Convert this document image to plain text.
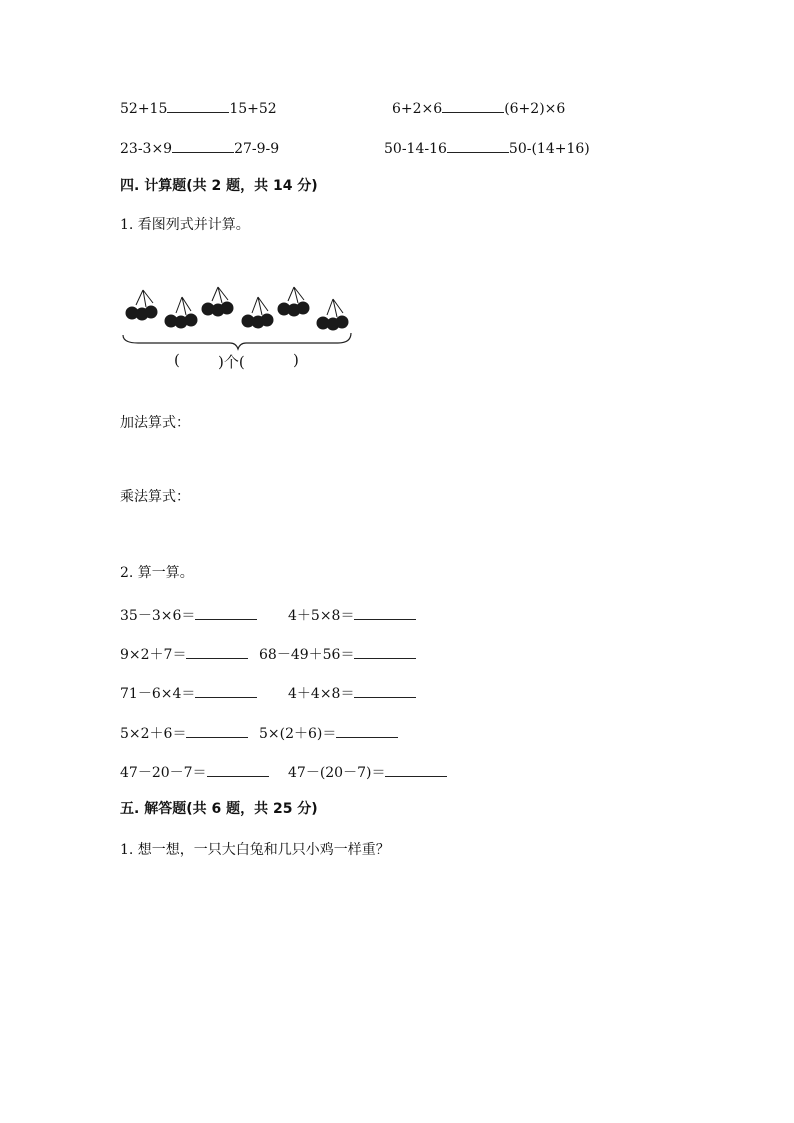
52+15	15+52	6+2×6	(6+2)×6
23-3×9	27-9-9	50-14-16	50-(14+16)
四. 计算题(共 2 题，共 14 分)
1. 看图列式并计算。
(	)个(	)
加法算式：
乘法算式：
2. 算一算。
35－3×6＝	4＋5×8＝
9×2＋7＝	68－49＋56＝
71－6×4＝	4＋4×8＝
5×2＋6＝	5×(2＋6)＝
47－20－7＝	47－(20－7)＝
五. 解答题(共 6 题，共 25 分)
1. 想一想，一只大白兔和几只小鸡一样重？
